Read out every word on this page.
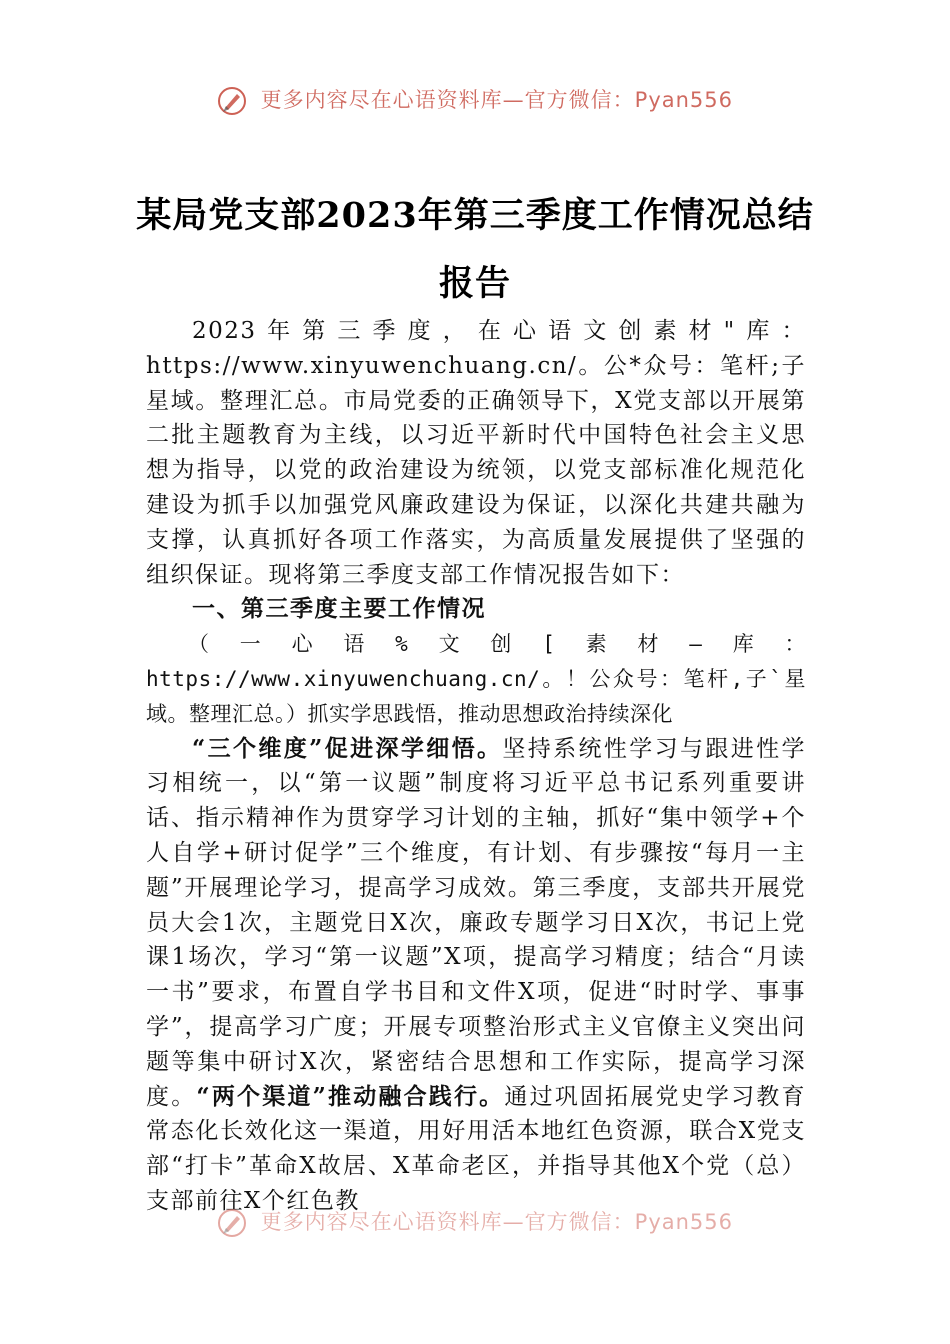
更多内容尽在心语资料库—官方微信：Pyan556
某局党支部2023年第三季度工作情况总结
报告

2023年第三季度，在心语文创素材"库：https://www.xinyuwenchuang.cn/。公*众号：笔杆;子星域。整理汇总。市局党委的正确领导下，X党支部以开展第二批主题教育为主线，以习近平新时代中国特色社会主义思想为指导，以党的政治建设为统领，以党支部标准化规范化建设为抓手以加强党风廉政建设为保证，以深化共建共融为支撑，认真抓好各项工作落实，为高质量发展提供了坚强的组织保证。现将第三季度支部工作情况报告如下：

一、第三季度主要工作情况

（一心语%文创[素材—库：https://www.xinyuwenchuang.cn/。！公众号：笔杆,子`星域。整理汇总。）抓实学思践悟，推动思想政治持续深化

“三个维度”促进深学细悟。坚持系统性学习与跟进性学习相统一，以“第一议题”制度将习近平总书记系列重要讲话、指示精神作为贯穿学习计划的主轴，抓好“集中领学+个人自学+研讨促学”三个维度，有计划、有步骤按“每月一主题”开展理论学习，提高学习成效。第三季度，支部共开展党员大会1次，主题党日X次，廉政专题学习日X次，书记上党课1场次，学习“第一议题”X项，提高学习精度；结合“月读一书”要求，布置自学书目和文件X项，促进“时时学、事事学”，提高学习广度；开展专项整治形式主义官僚主义突出问题等集中研讨X次，紧密结合思想和工作实际，提高学习深度。“两个渠道”推动融合践行。通过巩固拓展党史学习教育常态化长效化这一渠道，用好用活本地红色资源，联合X党支部“打卡”革命X故居、X革命老区，并指导其他X个党（总）支部前往X个红色教

更多内容尽在心语资料库—官方微信：Pyan556
